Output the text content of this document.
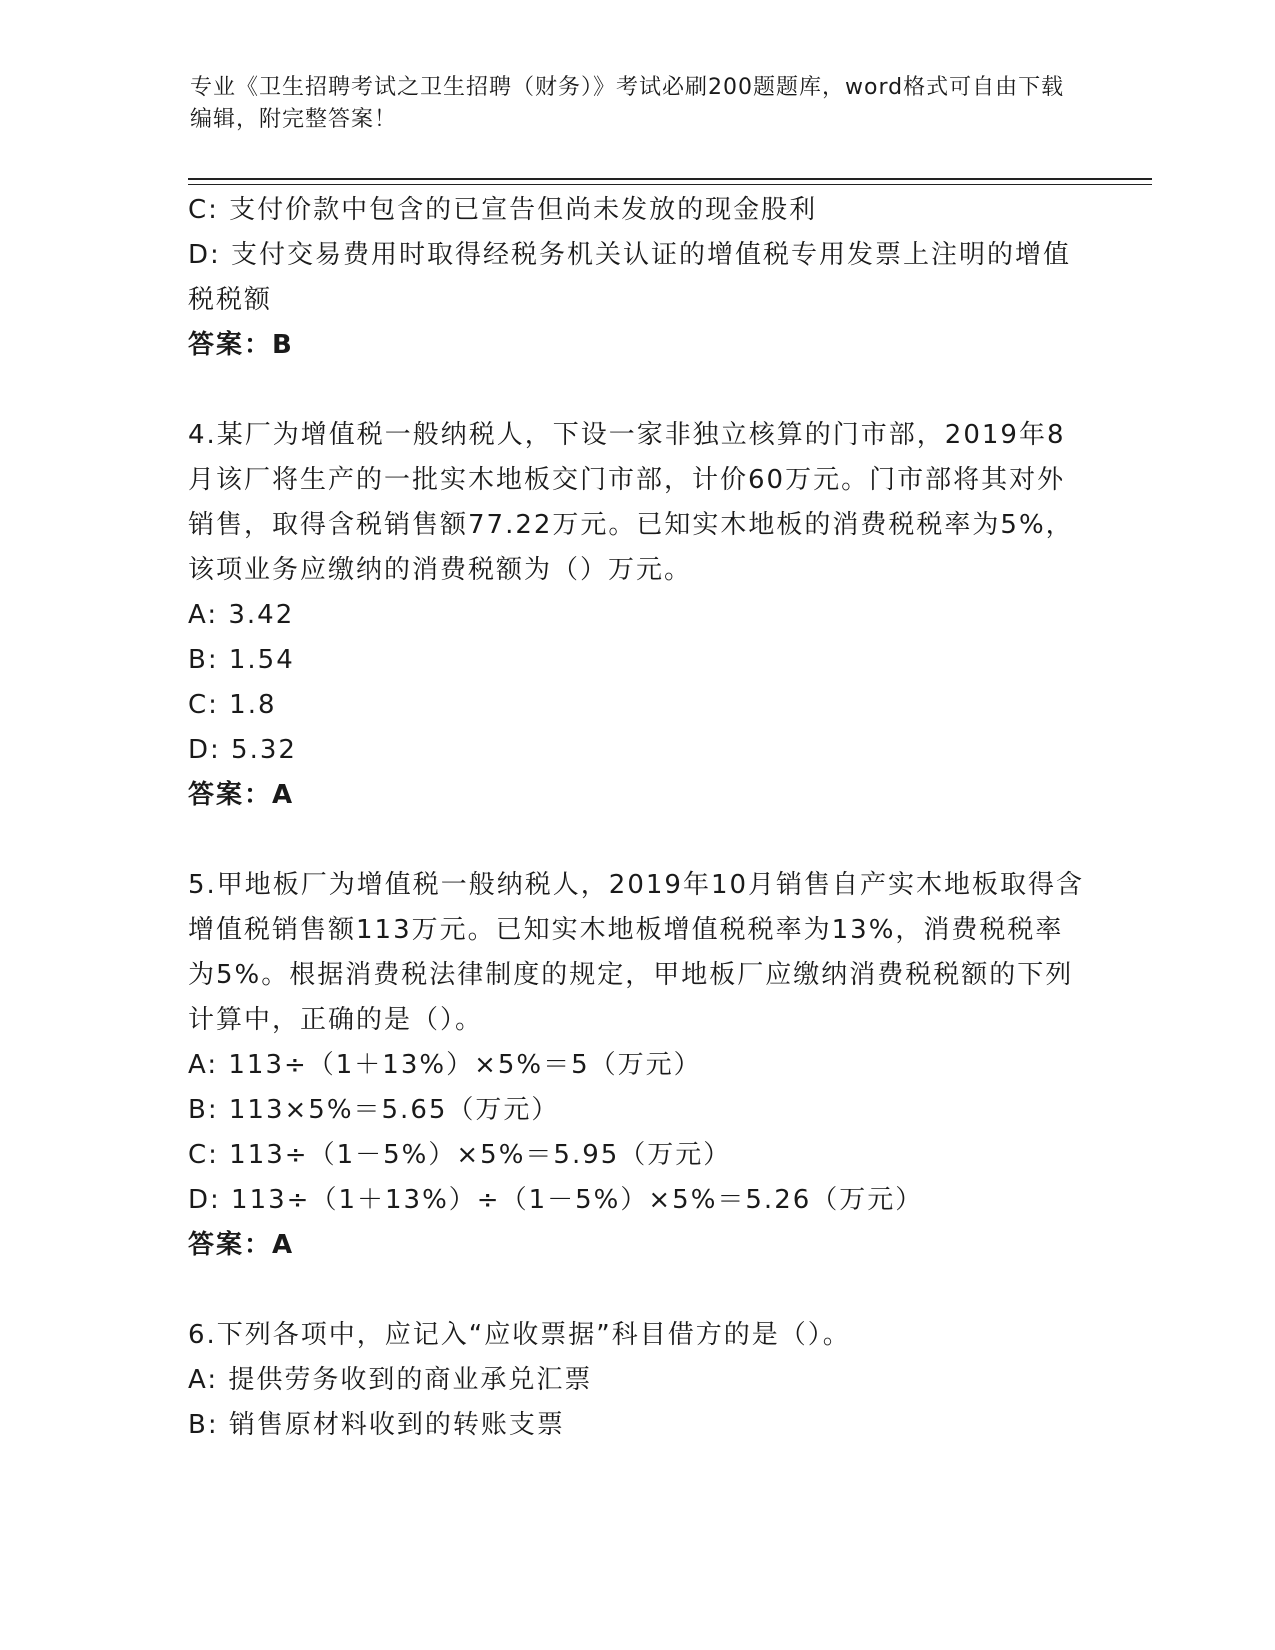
专业《卫生招聘考试之卫生招聘（财务）》考试必刷200题题库，word格式可自由下载编辑，附完整答案！
C: 支付价款中包含的已宣告但尚未发放的现金股利
D: 支付交易费用时取得经税务机关认证的增值税专用发票上注明的增值税税额
答案：B
4.某厂为增值税一般纳税人，下设一家非独立核算的门市部，2019年8月该厂将生产的一批实木地板交门市部，计价60万元。门市部将其对外销售，取得含税销售额77.22万元。已知实木地板的消费税税率为5%，该项业务应缴纳的消费税额为（）万元。
A: 3.42
B: 1.54
C: 1.8
D: 5.32
答案：A
5.甲地板厂为增值税一般纳税人，2019年10月销售自产实木地板取得含增值税销售额113万元。已知实木地板增值税税率为13%，消费税税率为5%。根据消费税法律制度的规定，甲地板厂应缴纳消费税税额的下列计算中，正确的是（）。
A: 113÷（1＋13%）×5%＝5（万元）
B: 113×5%＝5.65（万元）
C: 113÷（1－5%）×5%＝5.95（万元）
D: 113÷（1＋13%）÷（1－5%）×5%＝5.26（万元）
答案：A
6.下列各项中，应记入“应收票据”科目借方的是（）。
A: 提供劳务收到的商业承兑汇票
B: 销售原材料收到的转账支票
